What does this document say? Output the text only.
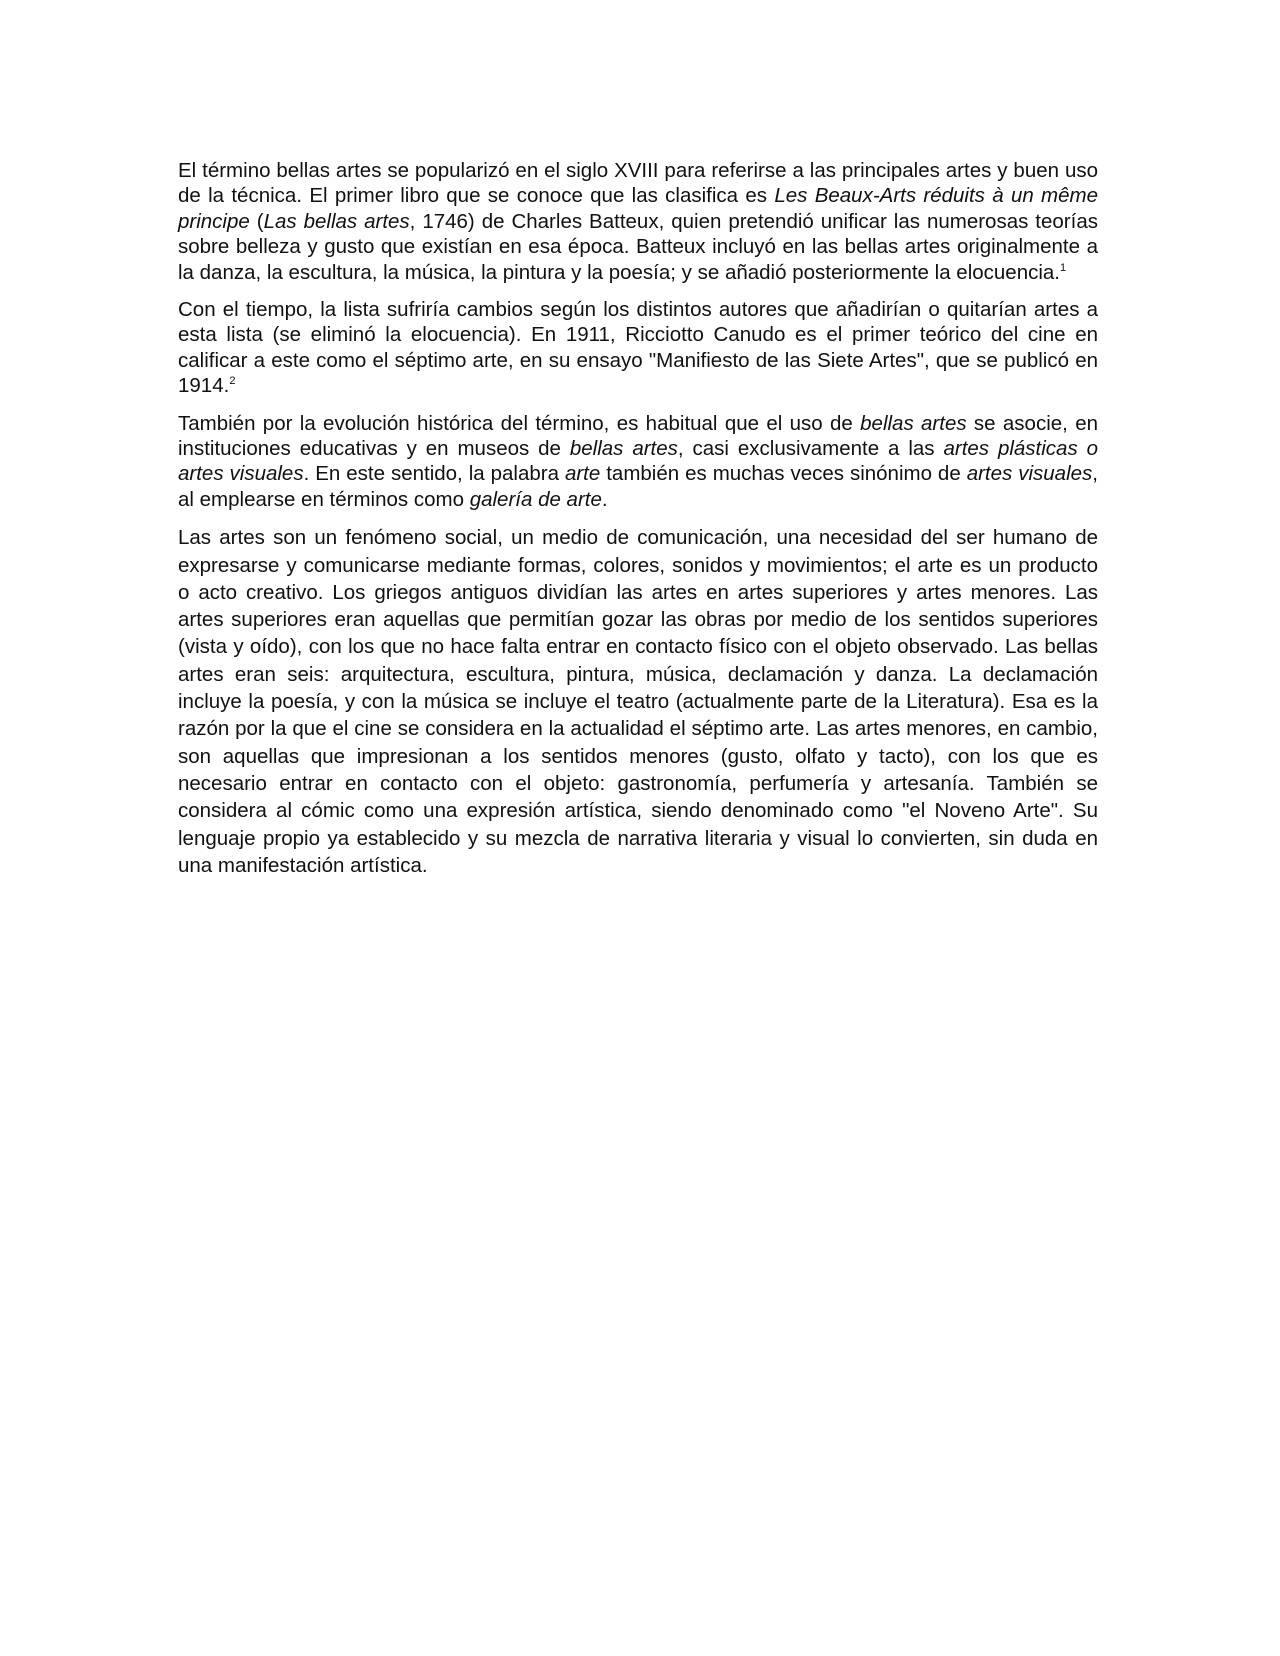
El término bellas artes se popularizó en el siglo XVIII para referirse a las principales artes y buen uso de la técnica. El primer libro que se conoce que las clasifica es Les Beaux-Arts réduits à un même principe (Las bellas artes, 1746) de Charles Batteux, quien pretendió unificar las numerosas teorías sobre belleza y gusto que existían en esa época. Batteux incluyó en las bellas artes originalmente a la danza, la escultura, la música, la pintura y la poesía; y se añadió posteriormente la elocuencia.$^1$

Con el tiempo, la lista sufriría cambios según los distintos autores que añadirían o quitarían artes a esta lista (se eliminó la elocuencia). En 1911, Ricciotto Canudo es el primer teórico del cine en calificar a este como el séptimo arte, en su ensayo "Manifiesto de las Siete Artes", que se publicó en 1914.$^2$

También por la evolución histórica del término, es habitual que el uso de bellas artes se asocie, en instituciones educativas y en museos de bellas artes, casi exclusivamente a las artes plásticas o artes visuales. En este sentido, la palabra arte también es muchas veces sinónimo de artes visuales, al emplearse en términos como galería de arte.

Las artes son un fenómeno social, un medio de comunicación, una necesidad del ser humano de expresarse y comunicarse mediante formas, colores, sonidos y movimientos; el arte es un producto o acto creativo. Los griegos antiguos dividían las artes en artes superiores y artes menores. Las artes superiores eran aquellas que permitían gozar las obras por medio de los sentidos superiores (vista y oído), con los que no hace falta entrar en contacto físico con el objeto observado. Las bellas artes eran seis: arquitectura, escultura, pintura, música, declamación y danza. La declamación incluye la poesía, y con la música se incluye el teatro (actualmente parte de la Literatura). Esa es la razón por la que el cine se considera en la actualidad el séptimo arte. Las artes menores, en cambio, son aquellas que impresionan a los sentidos menores (gusto, olfato y tacto), con los que es necesario entrar en contacto con el objeto: gastronomía, perfumería y artesanía. También se considera al cómic como una expresión artística, siendo denominado como "el Noveno Arte". Su lenguaje propio ya establecido y su mezcla de narrativa literaria y visual lo convierten, sin duda en una manifestación artística.
